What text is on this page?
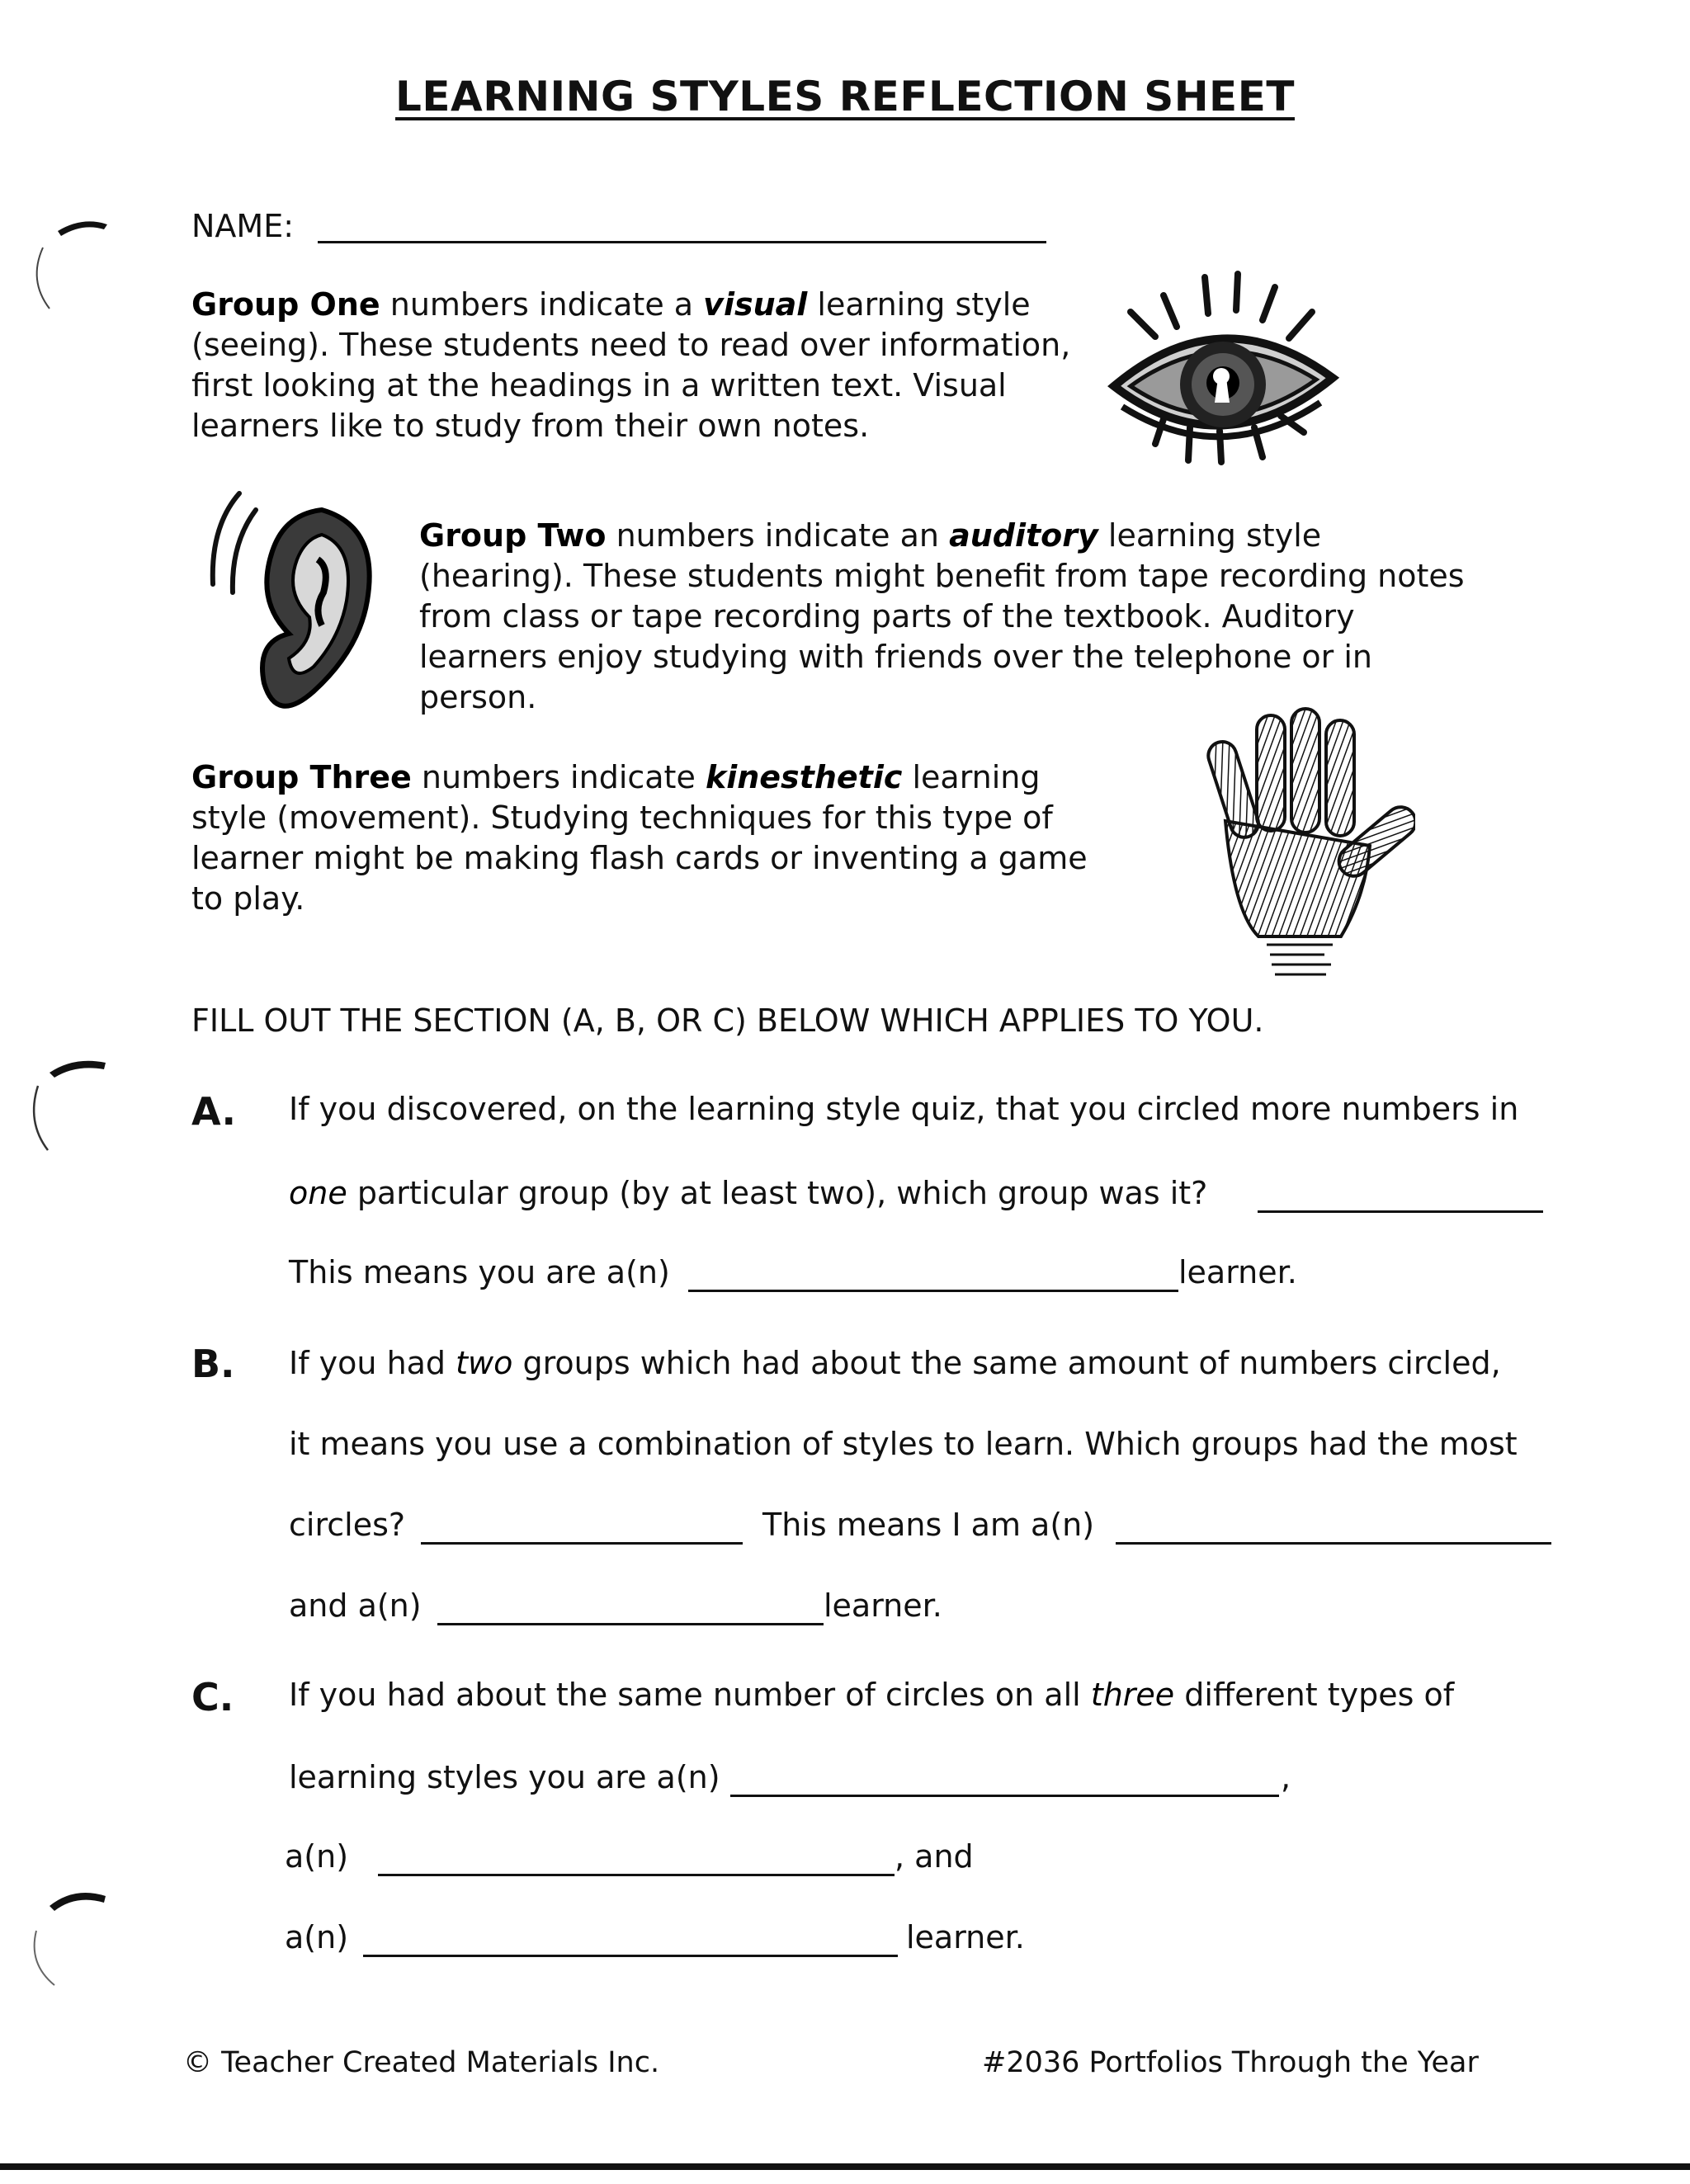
LEARNING STYLES REFLECTION SHEET
NAME:
Group One numbers indicate a visual learning style (seeing). These students need to read over information, first looking at the headings in a written text. Visual learners like to study from their own notes.
Group Two numbers indicate an auditory learning style (hearing). These students might benefit from tape recording notes from class or tape recording parts of the textbook. Auditory learners enjoy studying with friends over the telephone or in person.
Group Three numbers indicate kinesthetic learning style (movement). Studying techniques for this type of learner might be making flash cards or inventing a game to play.
FILL OUT THE SECTION (A, B, OR C) BELOW WHICH APPLIES TO YOU.
A. If you discovered, on the learning style quiz, that you circled more numbers in
one particular group (by at least two), which group was it?
This means you are a(n)	learner.
B. If you had two groups which had about the same amount of numbers circled,
it means you use a combination of styles to learn. Which groups had the most
circles?	This means I am a(n)
and a(n)	learner.
C. If you had about the same number of circles on all three different types of
learning styles you are a(n)	,
a(n)	, and
a(n)	learner.
© Teacher Created Materials Inc.	#2036 Portfolios Through the Year
